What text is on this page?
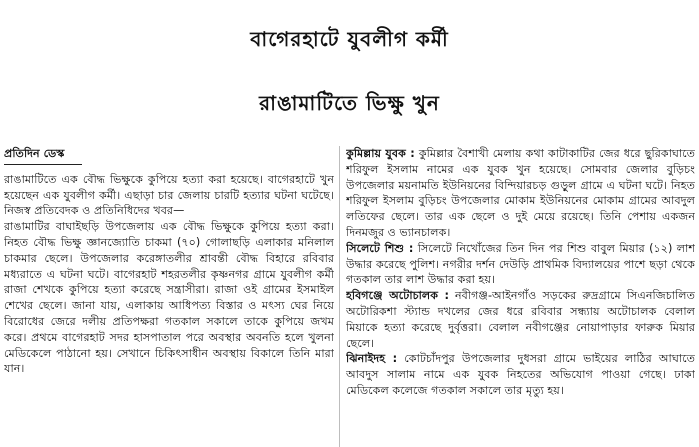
বাগেরহাটে যুবলীগ কর্মী
রাঙামাটিতে ভিক্ষু খুন
প্রতিদিন ডেস্ক

রাঙামাটিতে এক বৌদ্ধ ভিক্ষুকে কুপিয়ে হত্যা করা হয়েছে। বাগেরহাটে খুন হয়েছেন এক যুবলীগ কর্মী। এছাড়া চার জেলায় চারটি হত্যার ঘটনা ঘটেছে। নিজস্ব প্রতিবেদক ও প্রতিনিধিদের খবর—

রাঙামাটির বাঘাইছড়ি উপজেলায় এক বৌদ্ধ ভিক্ষুকে কুপিয়ে হত্যা করা। নিহত বৌদ্ধ ভিক্ষু জ্ঞানজ্যোতি চাকমা (৭০) গোলাছড়ি এলাকার মনিলাল চাকমার ছেলে। উপজেলার করেঙ্গাতলীর শ্রাবন্তী বৌদ্ধ বিহারে রবিবার মধ্যরাতে এ ঘটনা ঘটে। বাগেরহাট শহরতলীর কৃষ্ণনগর গ্রামে যুবলীগ কর্মী রাজা শেখকে কুপিয়ে হত্যা করেছে সন্ত্রাসীরা। রাজা ওই গ্রামের ইসমাইল শেখের ছেলে। জানা যায়, এলাকায় আধিপত্য বিস্তার ও মৎস্য ঘের নিয়ে বিরোধের জেরে দলীয় প্রতিপক্ষরা গতকাল সকালে তাকে কুপিয়ে জখম করে। প্রথমে বাগেরহাট সদর হাসপাতাল পরে অবস্থার অবনতি হলে খুলনা মেডিকেলে পাঠানো হয়। সেখানে চিকিৎসাধীন অবস্থায় বিকালে তিনি মারা যান।

কুমিল্লায় যুবক : কুমিল্লার বৈশাখী মেলায় কথা কাটাকাটির জের ধরে ছুরিকাঘাতে শরিফুল ইসলাম নামের এক যুবক খুন হয়েছে। সোমবার জেলার বুড়িচং উপজেলার ময়নামতি ইউনিয়নের বিন্দিয়ারচড় গুড়ুল গ্রামে এ ঘটনা ঘটে। নিহত শরিফুল ইসলাম বুড়িচং উপজেলার মোকাম ইউনিয়নের মোকাম গ্রামের আবদুল লতিফের ছেলে। তার এক ছেলে ও দুই মেয়ে রয়েছে। তিনি পেশায় একজন দিনমজুর ও ভ্যানচালক।

সিলেটে শিশু : সিলেটে নিখোঁজের তিন দিন পর শিশু বাবুল মিয়ার (১২) লাশ উদ্ধার করেছে পুলিশ। নগরীর দর্শন দেউড়ি প্রাথমিক বিদ্যালয়ের পাশে ছড়া থেকে গতকাল তার লাশ উদ্ধার করা হয়।

হবিগঞ্জে অটোচালক : নবীগঞ্জ-আইনগাঁও সড়কের রুদ্রগ্রামে সিএনজিচালিত অটোরিকশা স্ট্যান্ড দখলের জের ধরে রবিবার সন্ধ্যায় অটোচালক বেলাল মিয়াকে হত্যা করেছে দুর্বৃত্তরা। বেলাল নবীগঞ্জের নোয়াপাড়ার ফারুক মিয়ার ছেলে।

ঝিনাইদহ : কোটচাঁদপুর উপজেলার দুধসরা গ্রামে ভাইয়ের লাঠির আঘাতে আবদুস সালাম নামে এক যুবক নিহতের অভিযোগ পাওয়া গেছে। ঢাকা মেডিকেল কলেজে গতকাল সকালে তার মৃত্যু হয়।
